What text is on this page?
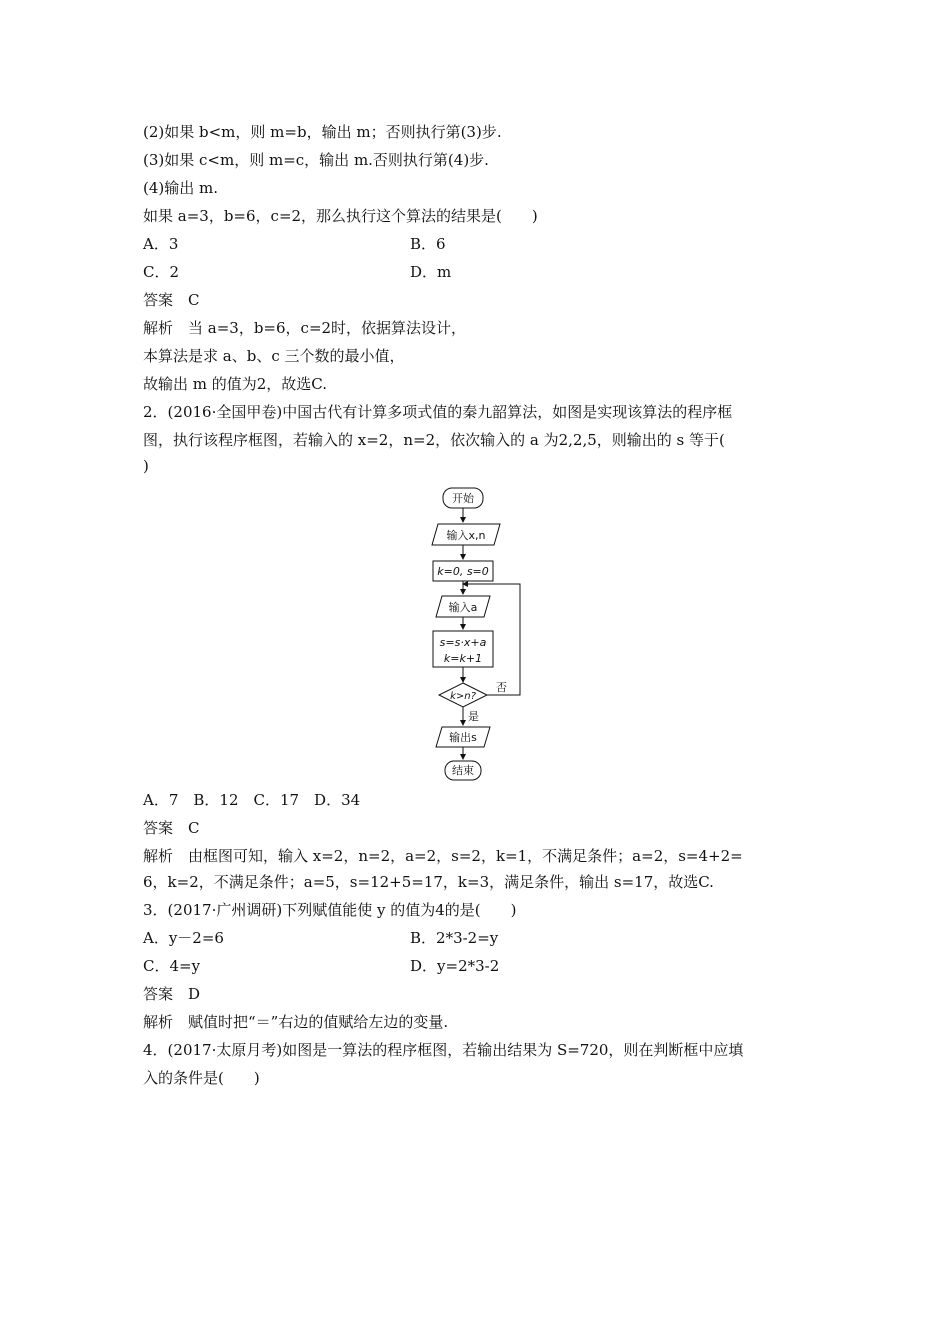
(2)如果 b<m，则 m=b，输出 m；否则执行第(3)步.
(3)如果 c<m，则 m=c，输出 m.否则执行第(4)步.
(4)输出 m.
如果 a=3，b=6，c=2，那么执行这个算法的结果是(　　)
A．3	B．6
C．2	D．m
答案　C
解析　当 a=3，b=6，c=2时，依据算法设计，
本算法是求 a、b、c 三个数的最小值，
故输出 m 的值为2，故选C.
2．(2016·全国甲卷)中国古代有计算多项式值的秦九韶算法，如图是实现该算法的程序框
图，执行该程序框图，若输入的 x=2，n=2，依次输入的 a 为2,2,5，则输出的 s 等于(
)
开始
输入x,n
k=0, s=0
输入a
s=s·x+a
k=k+1
k>n?
否
是
输出s
结束
A．7　B．12　C．17　D．34
答案　C
解析　由框图可知，输入 x=2，n=2，a=2，s=2，k=1，不满足条件；a=2，s=4+2=
6，k=2，不满足条件；a=5，s=12+5=17，k=3，满足条件，输出 s=17，故选C.
3．(2017·广州调研)下列赋值能使 y 的值为4的是(　　)
A．y－2=6	B．2*3-2=y
C．4=y	D．y=2*3-2
答案　D
解析　赋值时把“＝”右边的值赋给左边的变量.
4．(2017·太原月考)如图是一算法的程序框图，若输出结果为 S=720，则在判断框中应填
入的条件是(　　)
